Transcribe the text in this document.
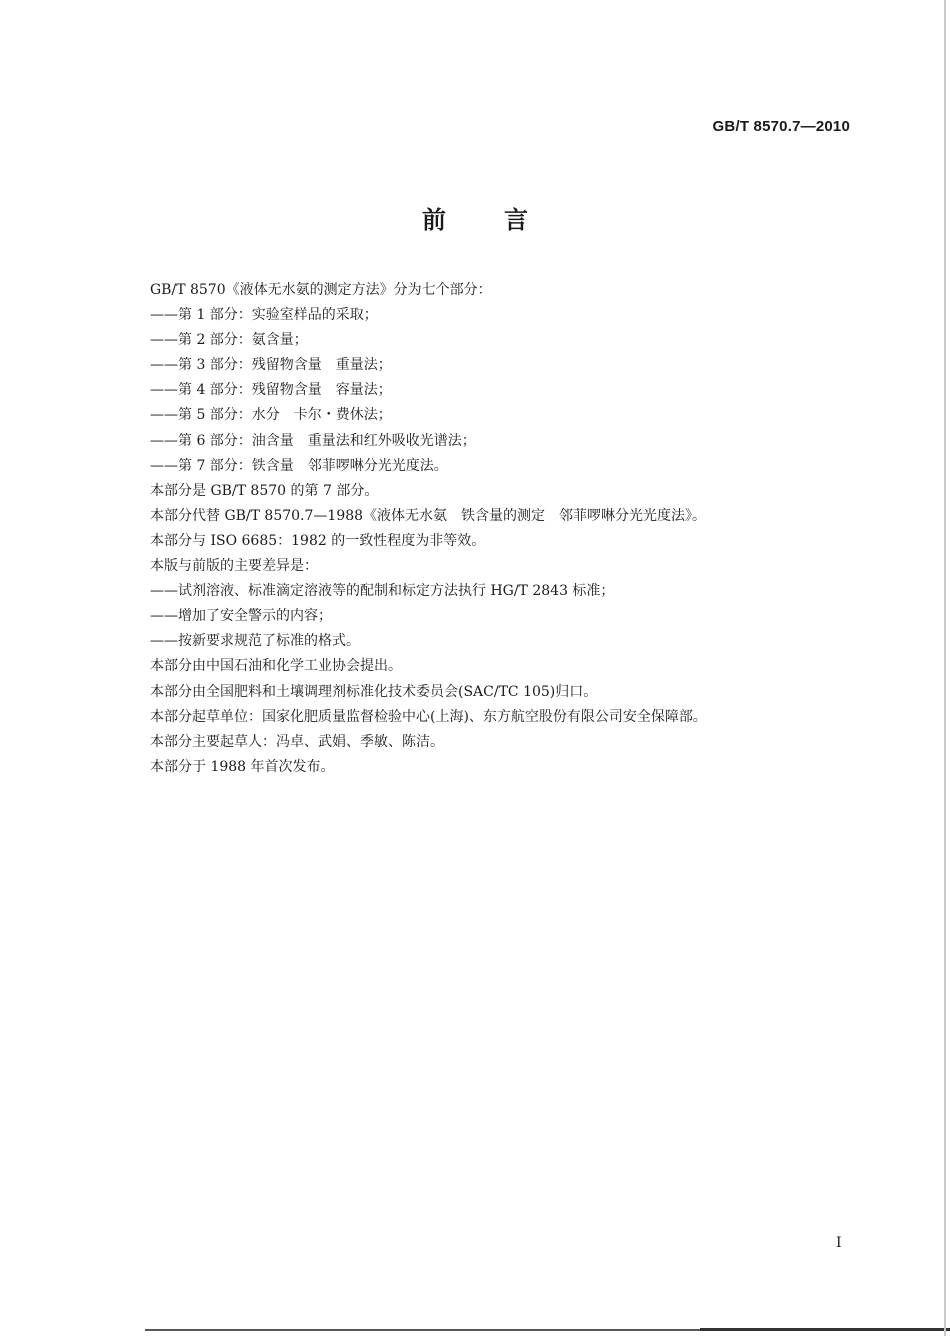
GB/T 8570.7—2010
前言
GB/T 8570《液体无水氨的测定方法》分为七个部分：
——第 1 部分：实验室样品的采取；
——第 2 部分：氨含量；
——第 3 部分：残留物含量　重量法；
——第 4 部分：残留物含量　容量法；
——第 5 部分：水分　卡尔・费休法；
——第 6 部分：油含量　重量法和红外吸收光谱法；
——第 7 部分：铁含量　邻菲啰啉分光光度法。
本部分是 GB/T 8570 的第 7 部分。
本部分代替 GB/T 8570.7—1988《液体无水氨　铁含量的测定　邻菲啰啉分光光度法》。
本部分与 ISO 6685：1982 的一致性程度为非等效。
本版与前版的主要差异是：
——试剂溶液、标准滴定溶液等的配制和标定方法执行 HG/T 2843 标准；
——增加了安全警示的内容；
——按新要求规范了标准的格式。
本部分由中国石油和化学工业协会提出。
本部分由全国肥料和土壤调理剂标准化技术委员会(SAC/TC 105)归口。
本部分起草单位：国家化肥质量监督检验中心(上海)、东方航空股份有限公司安全保障部。
本部分主要起草人：冯卓、武娟、季敏、陈洁。
本部分于 1988 年首次发布。
I
